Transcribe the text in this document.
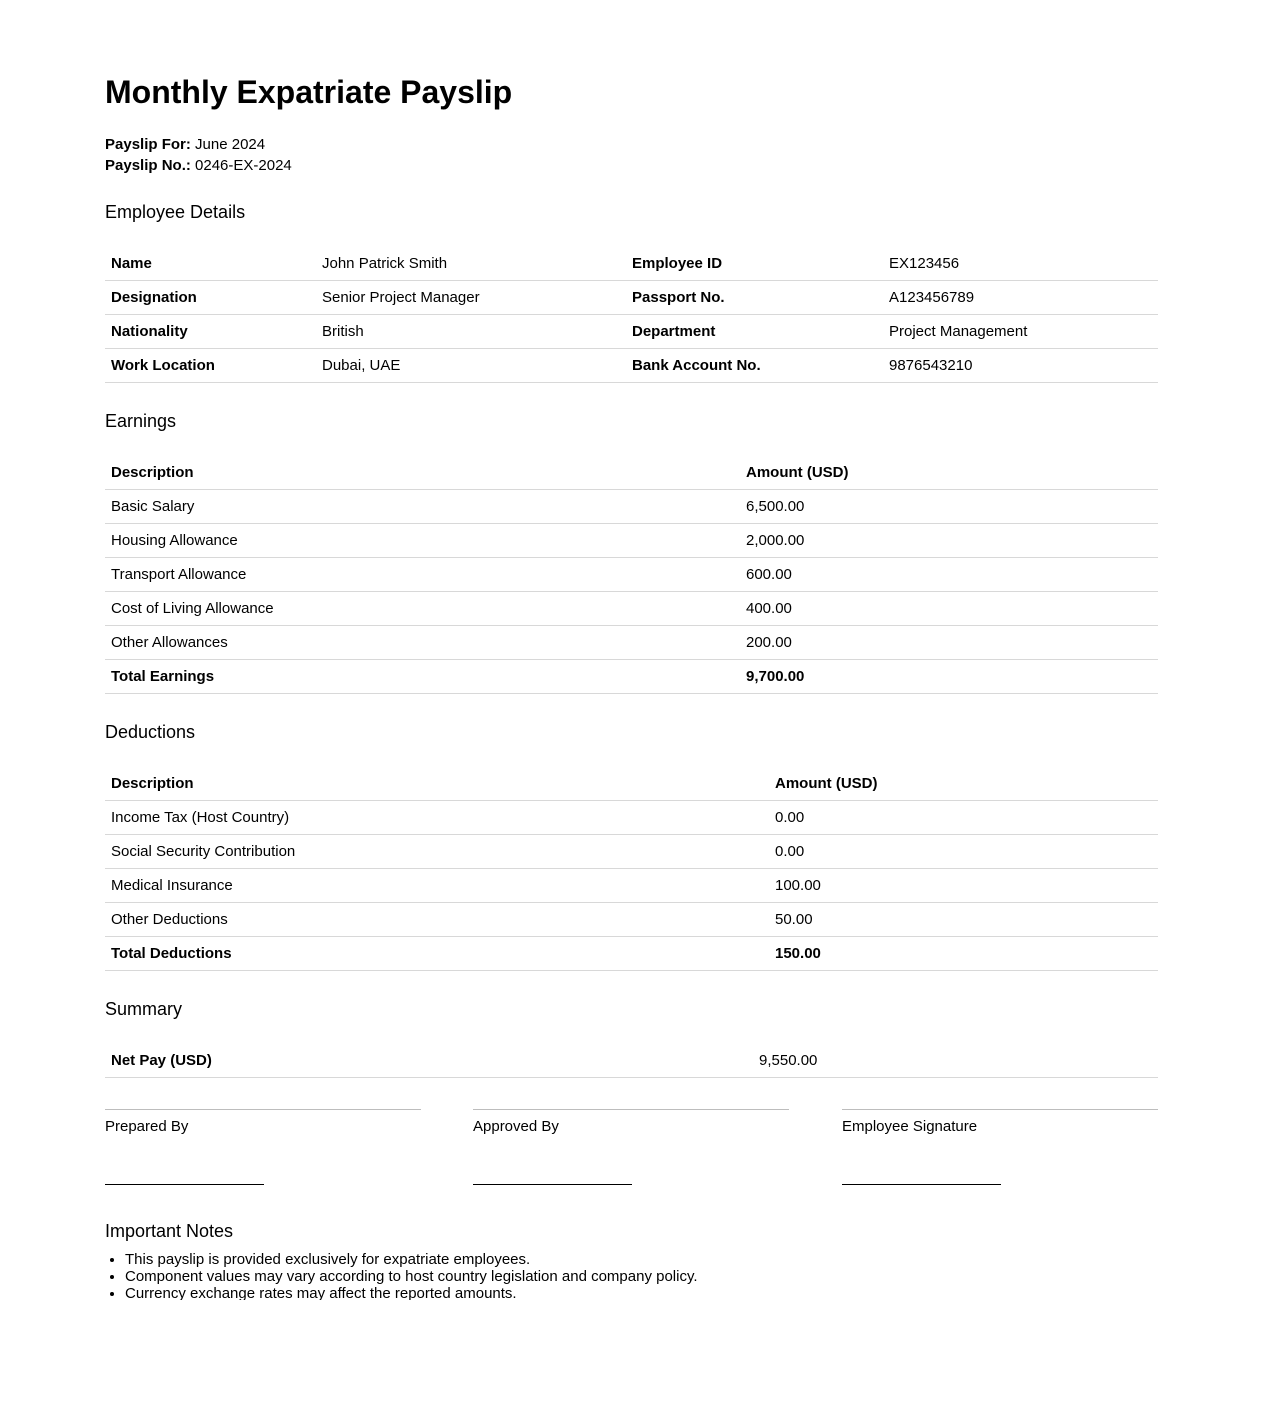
Monthly Expatriate Payslip
Payslip For: June 2024
Payslip No.: 0246-EX-2024
Employee Details
Name	John Patrick Smith	Employee ID	EX123456
Designation	Senior Project Manager	Passport No.	A123456789
Nationality	British	Department	Project Management
Work Location	Dubai, UAE	Bank Account No.	9876543210
Earnings
Description	Amount (USD)
Basic Salary	6,500.00
Housing Allowance	2,000.00
Transport Allowance	600.00
Cost of Living Allowance	400.00
Other Allowances	200.00
Total Earnings	9,700.00
Deductions
Description	Amount (USD)
Income Tax (Host Country)	0.00
Social Security Contribution	0.00
Medical Insurance	100.00
Other Deductions	50.00
Total Deductions	150.00
Summary
Net Pay (USD)	9,550.00
Prepared By	Approved By	Employee Signature
Important Notes
• This payslip is provided exclusively for expatriate employees.
• Component values may vary according to host country legislation and company policy.
• Currency exchange rates may affect the reported amounts.
